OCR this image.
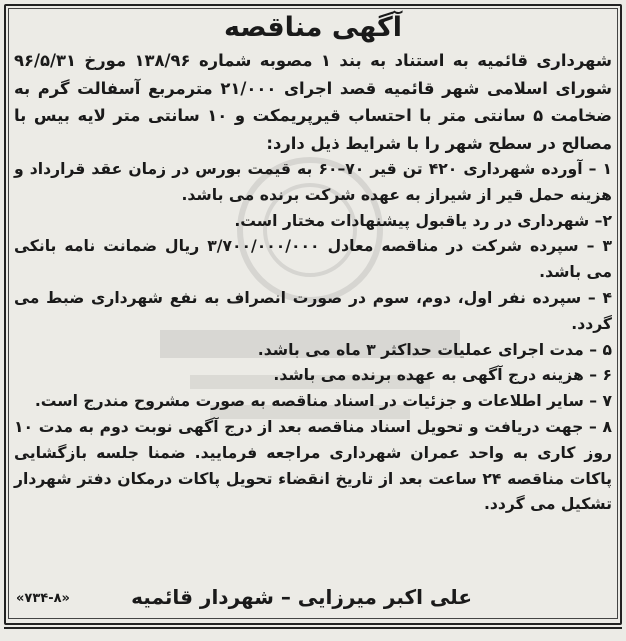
آگهی مناقصه

شهرداری قائمیه به استناد به بند ۱ مصوبه شماره ۱۳۸/۹۶ مورخ ۹۶/۵/۳۱ شورای اسلامی شهر قائمیه قصد اجرای ۲۱/۰۰۰ مترمربع آسفالت گرم به ضخامت ۵ سانتی متر با احتساب قیرپریمکت و ۱۰ سانتی متر لایه بیس با مصالح در سطح شهر را با شرایط ذیل دارد:

۱ – آورده شهرداری ۴۲۰ تن قیر ۷۰–۶۰ به قیمت بورس در زمان عقد قرارداد و هزینه حمل قیر از شیراز به عهده شرکت برنده می باشد.
۲– شهرداری در رد یاقبول پیشنهادات مختار است.
۳ – سپرده شرکت در مناقصه معادل ۳/۷۰۰/۰۰۰/۰۰۰ ریال ضمانت نامه بانکی می باشد.
۴ – سپرده نفر اول، دوم، سوم در صورت انصراف به نفع شهرداری ضبط می گردد.
۵ – مدت اجرای عملیات حداکثر ۳ ماه می باشد.
۶ – هزینه درج آگهی به عهده برنده می باشد.
۷ – سایر اطلاعات و جزئیات در اسناد مناقصه به صورت مشروح مندرج است.
۸ – جهت دریافت و تحویل اسناد مناقصه بعد از درج آگهی نوبت دوم به مدت ۱۰ روز کاری به واحد عمران شهرداری مراجعه فرمایید. ضمنا جلسه بازگشایی پاکات مناقصه ۲۴ ساعت بعد از تاریخ انقضاء تحویل پاکات درمکان دفتر شهردار تشکیل می گردد.
علی اکبر میرزایی – شهردار قائمیه
«۷۳۴-۸»
